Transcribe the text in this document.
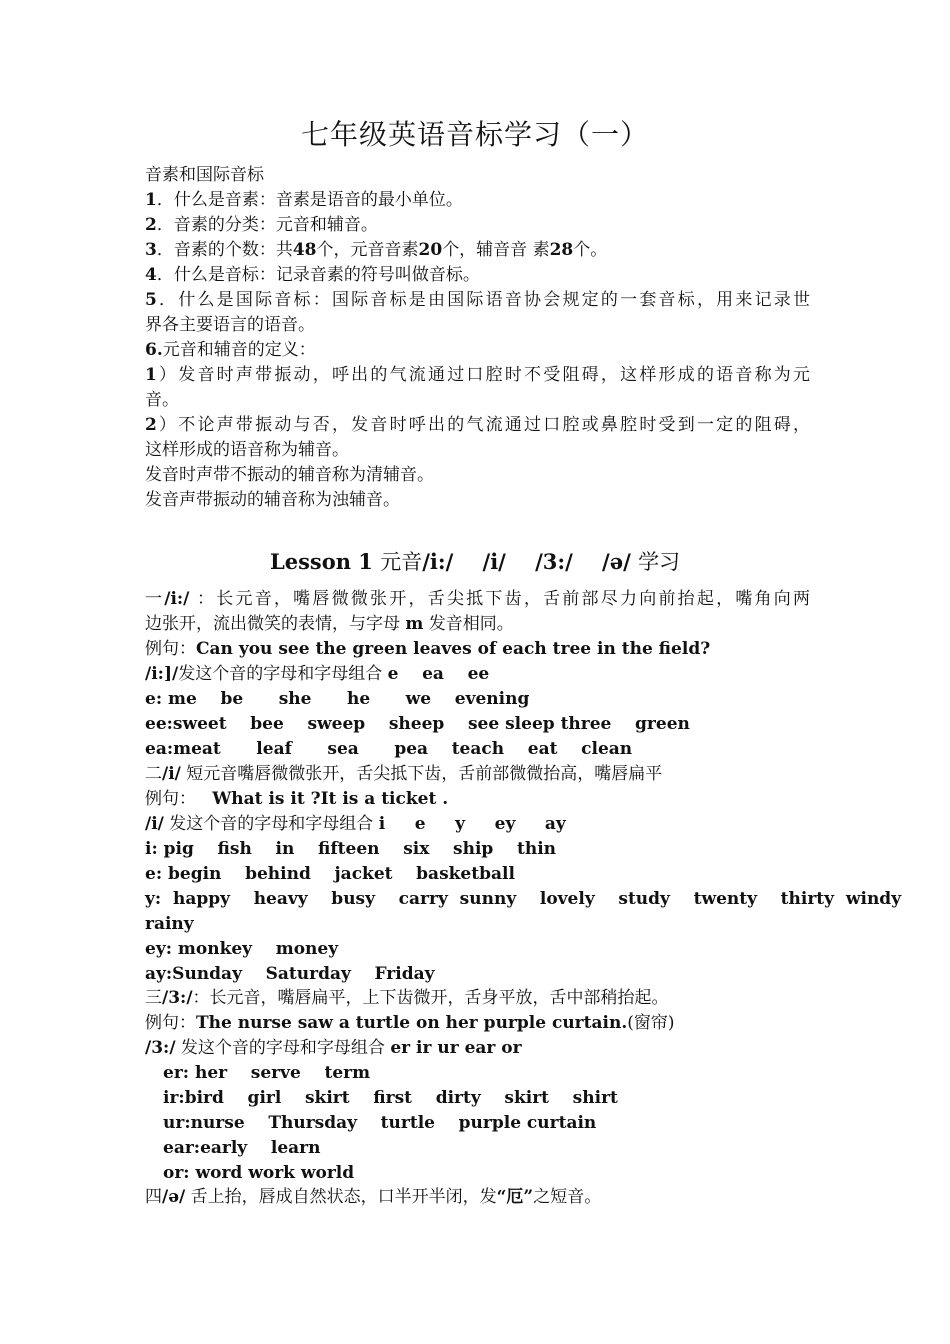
七年级英语音标学习（一）
音素和国际音标
1．什么是音素：音素是语音的最小单位。
2．音素的分类：元音和辅音。
3．音素的个数：共48个，元音音素20个，辅音音 素28个。
4．什么是音标：记录音素的符号叫做音标。
5．什么是国际音标：国际音标是由国际语音协会规定的一套音标，用来记录世
界各主要语言的语音。
6.元音和辅音的定义：
1）发音时声带振动，呼出的气流通过口腔时不受阻碍，这样形成的语音称为元
音。
2）不论声带振动与否，发音时呼出的气流通过口腔或鼻腔时受到一定的阻碍，
这样形成的语音称为辅音。
发音时声带不振动的辅音称为清辅音。
发音声带振动的辅音称为浊辅音。
Lesson 1 元音/i:/    /i/    /3:/    /ə/ 学习
一/i:/ ：长元音，嘴唇微微张开，舌尖抵下齿，舌前部尽力向前抬起，嘴角向两
边张开，流出微笑的表情，与字母 m 发音相同。
例句：Can you see the green leaves of each tree in the field?
/i:]/发这个音的字母和字母组合 e    ea    ee
e: me    be      she      he      we    evening
ee:sweet    bee    sweep    sheep    see sleep three    green
ea:meat      leaf      sea      pea    teach    eat    clean
二/i/ 短元音嘴唇微微张开，舌尖抵下齿，舌前部微微抬高，嘴唇扁平
例句：   What is it ?It is a ticket .
/i/ 发这个音的字母和字母组合 i     e     y     ey     ay
i: pig    fish    in    fifteen    six    ship    thin
e: begin    behind    jacket    basketball
y:  happy    heavy    busy    carry  sunny    lovely    study    twenty    thirty  windy
rainy
ey: monkey    money
ay:Sunday    Saturday    Friday
三/3:/：长元音，嘴唇扁平，上下齿微开，舌身平放，舌中部稍抬起。
例句：The nurse saw a turtle on her purple curtain.(窗帘)
/3:/ 发这个音的字母和字母组合 er ir ur ear or
er: her    serve    term
ir:bird    girl    skirt    first    dirty    skirt    shirt
ur:nurse    Thursday    turtle    purple curtain
ear:early    learn
or: word work world
四/ə/ 舌上抬，唇成自然状态，口半开半闭，发“厄”之短音。
